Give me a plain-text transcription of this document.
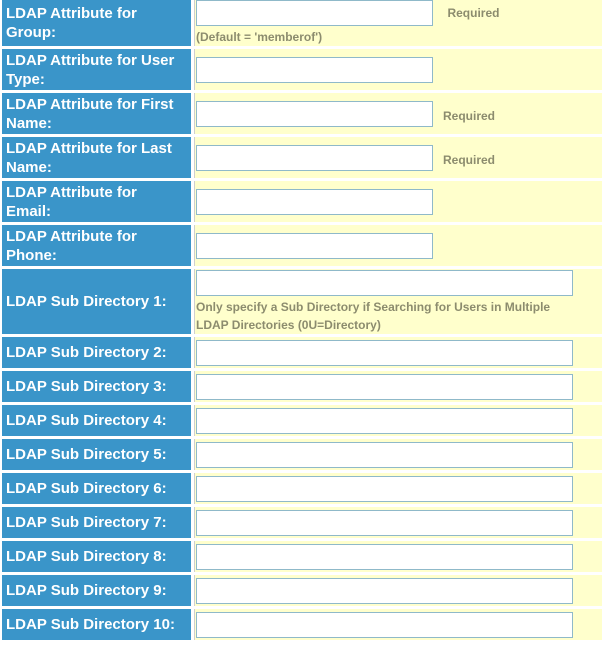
LDAP Attribute for
Group:	Required
(Default = 'memberof')

LDAP Attribute for User
Type:	
LDAP Attribute for First
Name:	Required

LDAP Attribute for Last
Name:	Required

LDAP Attribute for
Email:	
LDAP Attribute for
Phone:	
LDAP Sub Directory 1:	Only specify a Sub Directory if Searching for Users in Multiple
LDAP Directories (0U=Directory)

LDAP Sub Directory 2:	
LDAP Sub Directory 3:	
LDAP Sub Directory 4:	
LDAP Sub Directory 5:	
LDAP Sub Directory 6:	
LDAP Sub Directory 7:	
LDAP Sub Directory 8:	
LDAP Sub Directory 9:	
LDAP Sub Directory 10:	
